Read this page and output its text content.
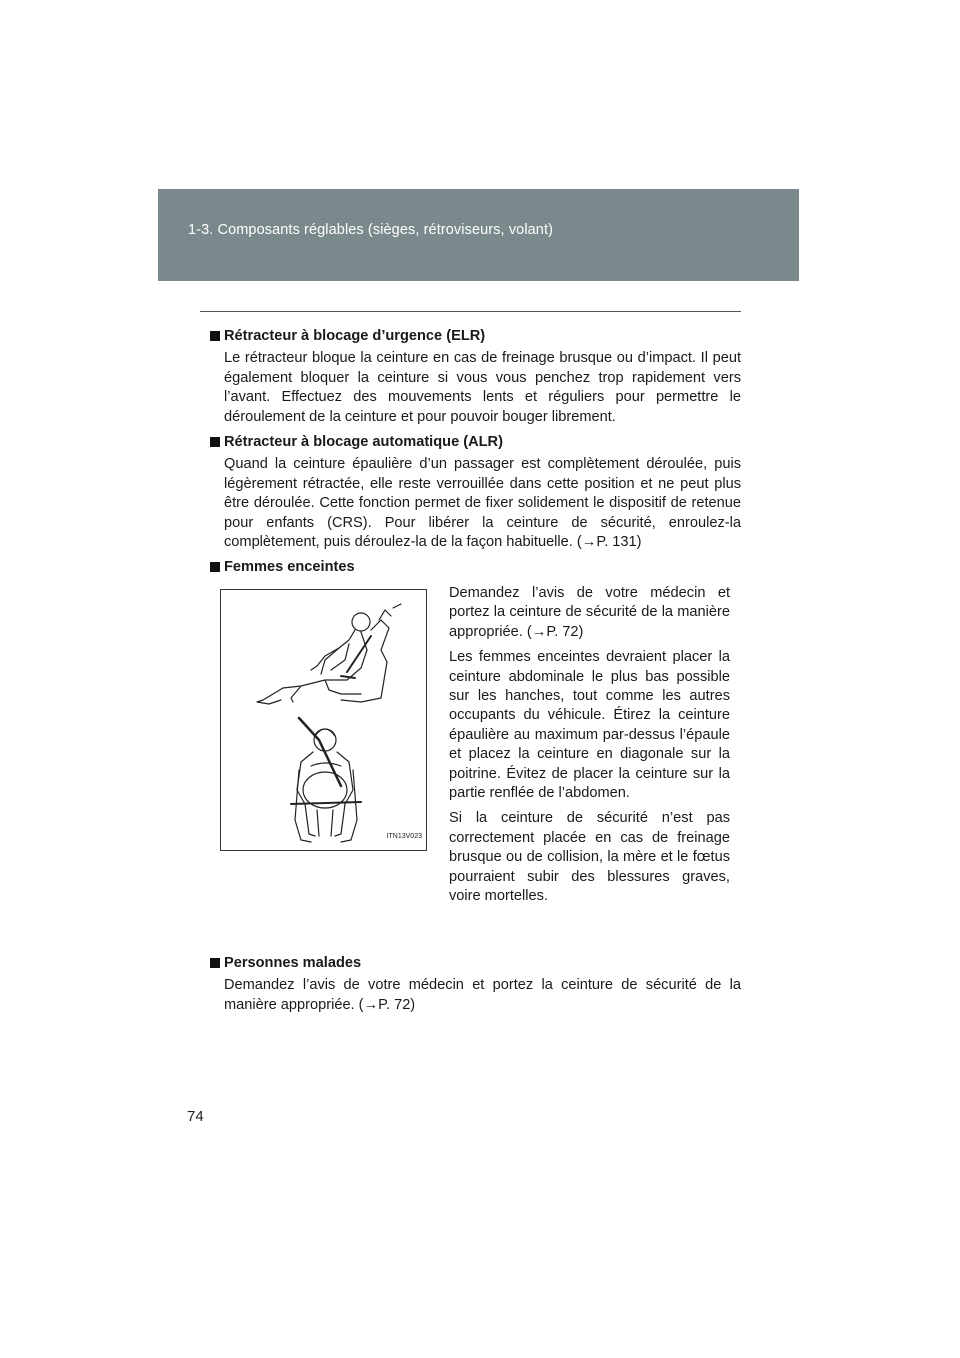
1-3. Composants réglables (sièges, rétroviseurs, volant)
Rétracteur à blocage d’urgence (ELR)
Le rétracteur bloque la ceinture en cas de freinage brusque ou d’impact. Il peut également bloquer la ceinture si vous vous penchez trop rapidement vers l’avant. Effectuez des mouvements lents et réguliers pour permettre le déroulement de la ceinture et pour pouvoir bouger librement.
Rétracteur à blocage automatique (ALR)
Quand la ceinture épaulière d’un passager est complètement déroulée, puis légèrement rétractée, elle reste verrouillée dans cette position et ne peut plus être déroulée. Cette fonction permet de fixer solidement le dispositif de retenue pour enfants (CRS). Pour libérer la ceinture de sécurité, enroulez-la complètement, puis déroulez-la de la façon habituelle. (→P. 131)
Femmes enceintes
ITN13V023
Demandez l’avis de votre médecin et portez la ceinture de sécurité de la manière appropriée. (→P. 72)
Les femmes enceintes devraient placer la ceinture abdominale le plus bas possible sur les hanches, tout comme les autres occupants du véhicule. Étirez la ceinture épaulière au maximum par-dessus l’épaule et placez la ceinture en diagonale sur la poitrine. Évitez de placer la ceinture sur la partie renflée de l’abdomen.
Si la ceinture de sécurité n’est pas correctement placée en cas de freinage brusque ou de collision, la mère et le fœtus pourraient subir des blessures graves, voire mortelles.
Personnes malades
Demandez l’avis de votre médecin et portez la ceinture de sécurité de la manière appropriée. (→P. 72)
74
